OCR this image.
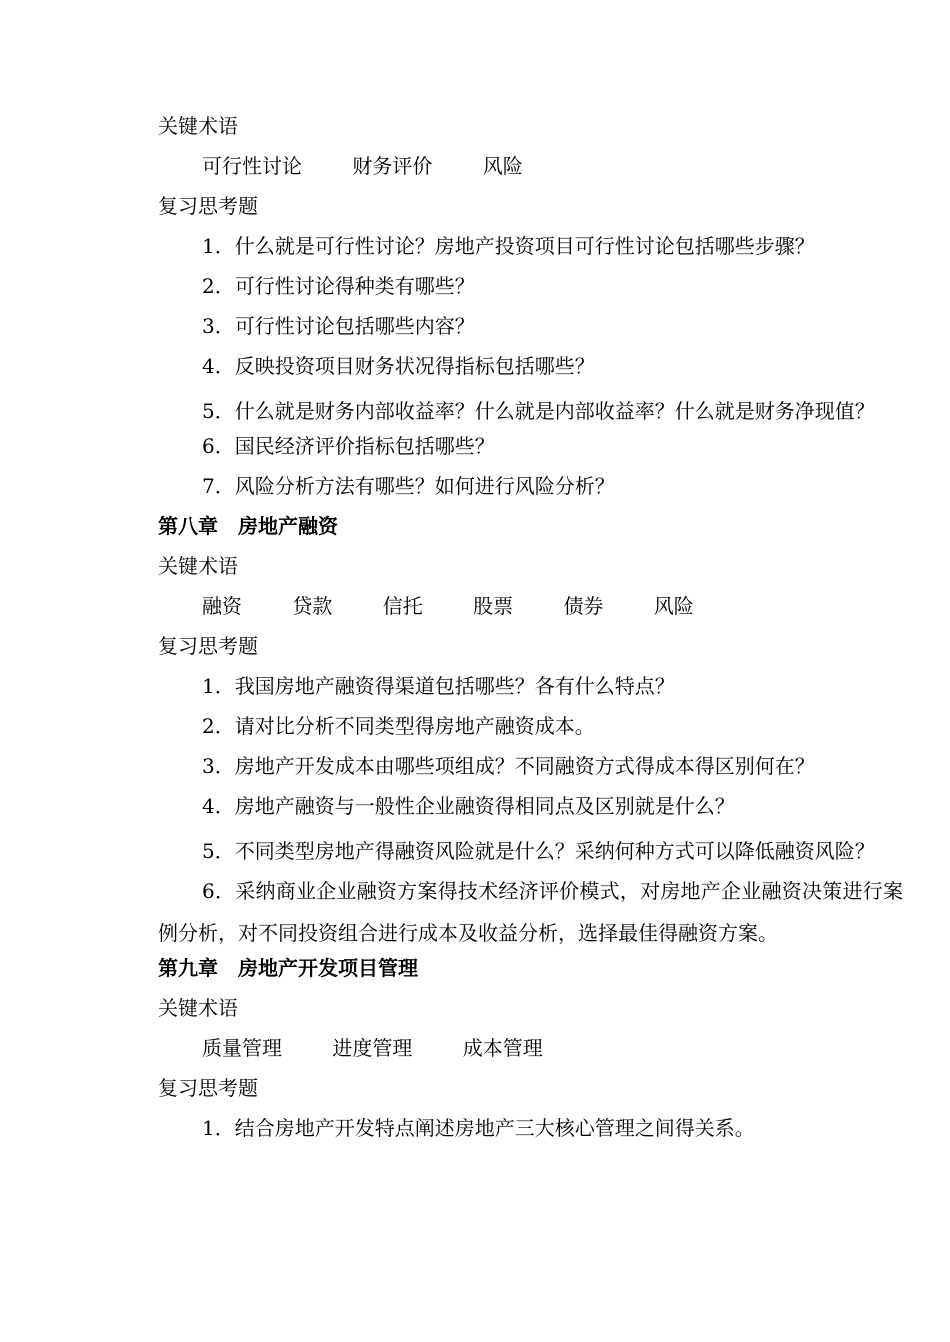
关键术语
可行性讨论	财务评价	风险
复习思考题
1．什么就是可行性讨论？房地产投资项目可行性讨论包括哪些步骤？
2．可行性讨论得种类有哪些？
3．可行性讨论包括哪些内容？
4．反映投资项目财务状况得指标包括哪些？
5．什么就是财务内部收益率？什么就是内部收益率？什么就是财务净现值？
6．国民经济评价指标包括哪些？
7．风险分析方法有哪些？如何进行风险分析？
第八章　房地产融资
关键术语
融资	贷款	信托	股票	债券	风险
复习思考题
1．我国房地产融资得渠道包括哪些？各有什么特点？
2．请对比分析不同类型得房地产融资成本。
3．房地产开发成本由哪些项组成？不同融资方式得成本得区别何在？
4．房地产融资与一般性企业融资得相同点及区别就是什么？
5．不同类型房地产得融资风险就是什么？采纳何种方式可以降低融资风险？
6．采纳商业企业融资方案得技术经济评价模式，对房地产企业融资决策进行案例分析，对不同投资组合进行成本及收益分析，选择最佳得融资方案。
第九章　房地产开发项目管理
关键术语
质量管理	进度管理	成本管理
复习思考题
1．结合房地产开发特点阐述房地产三大核心管理之间得关系。
